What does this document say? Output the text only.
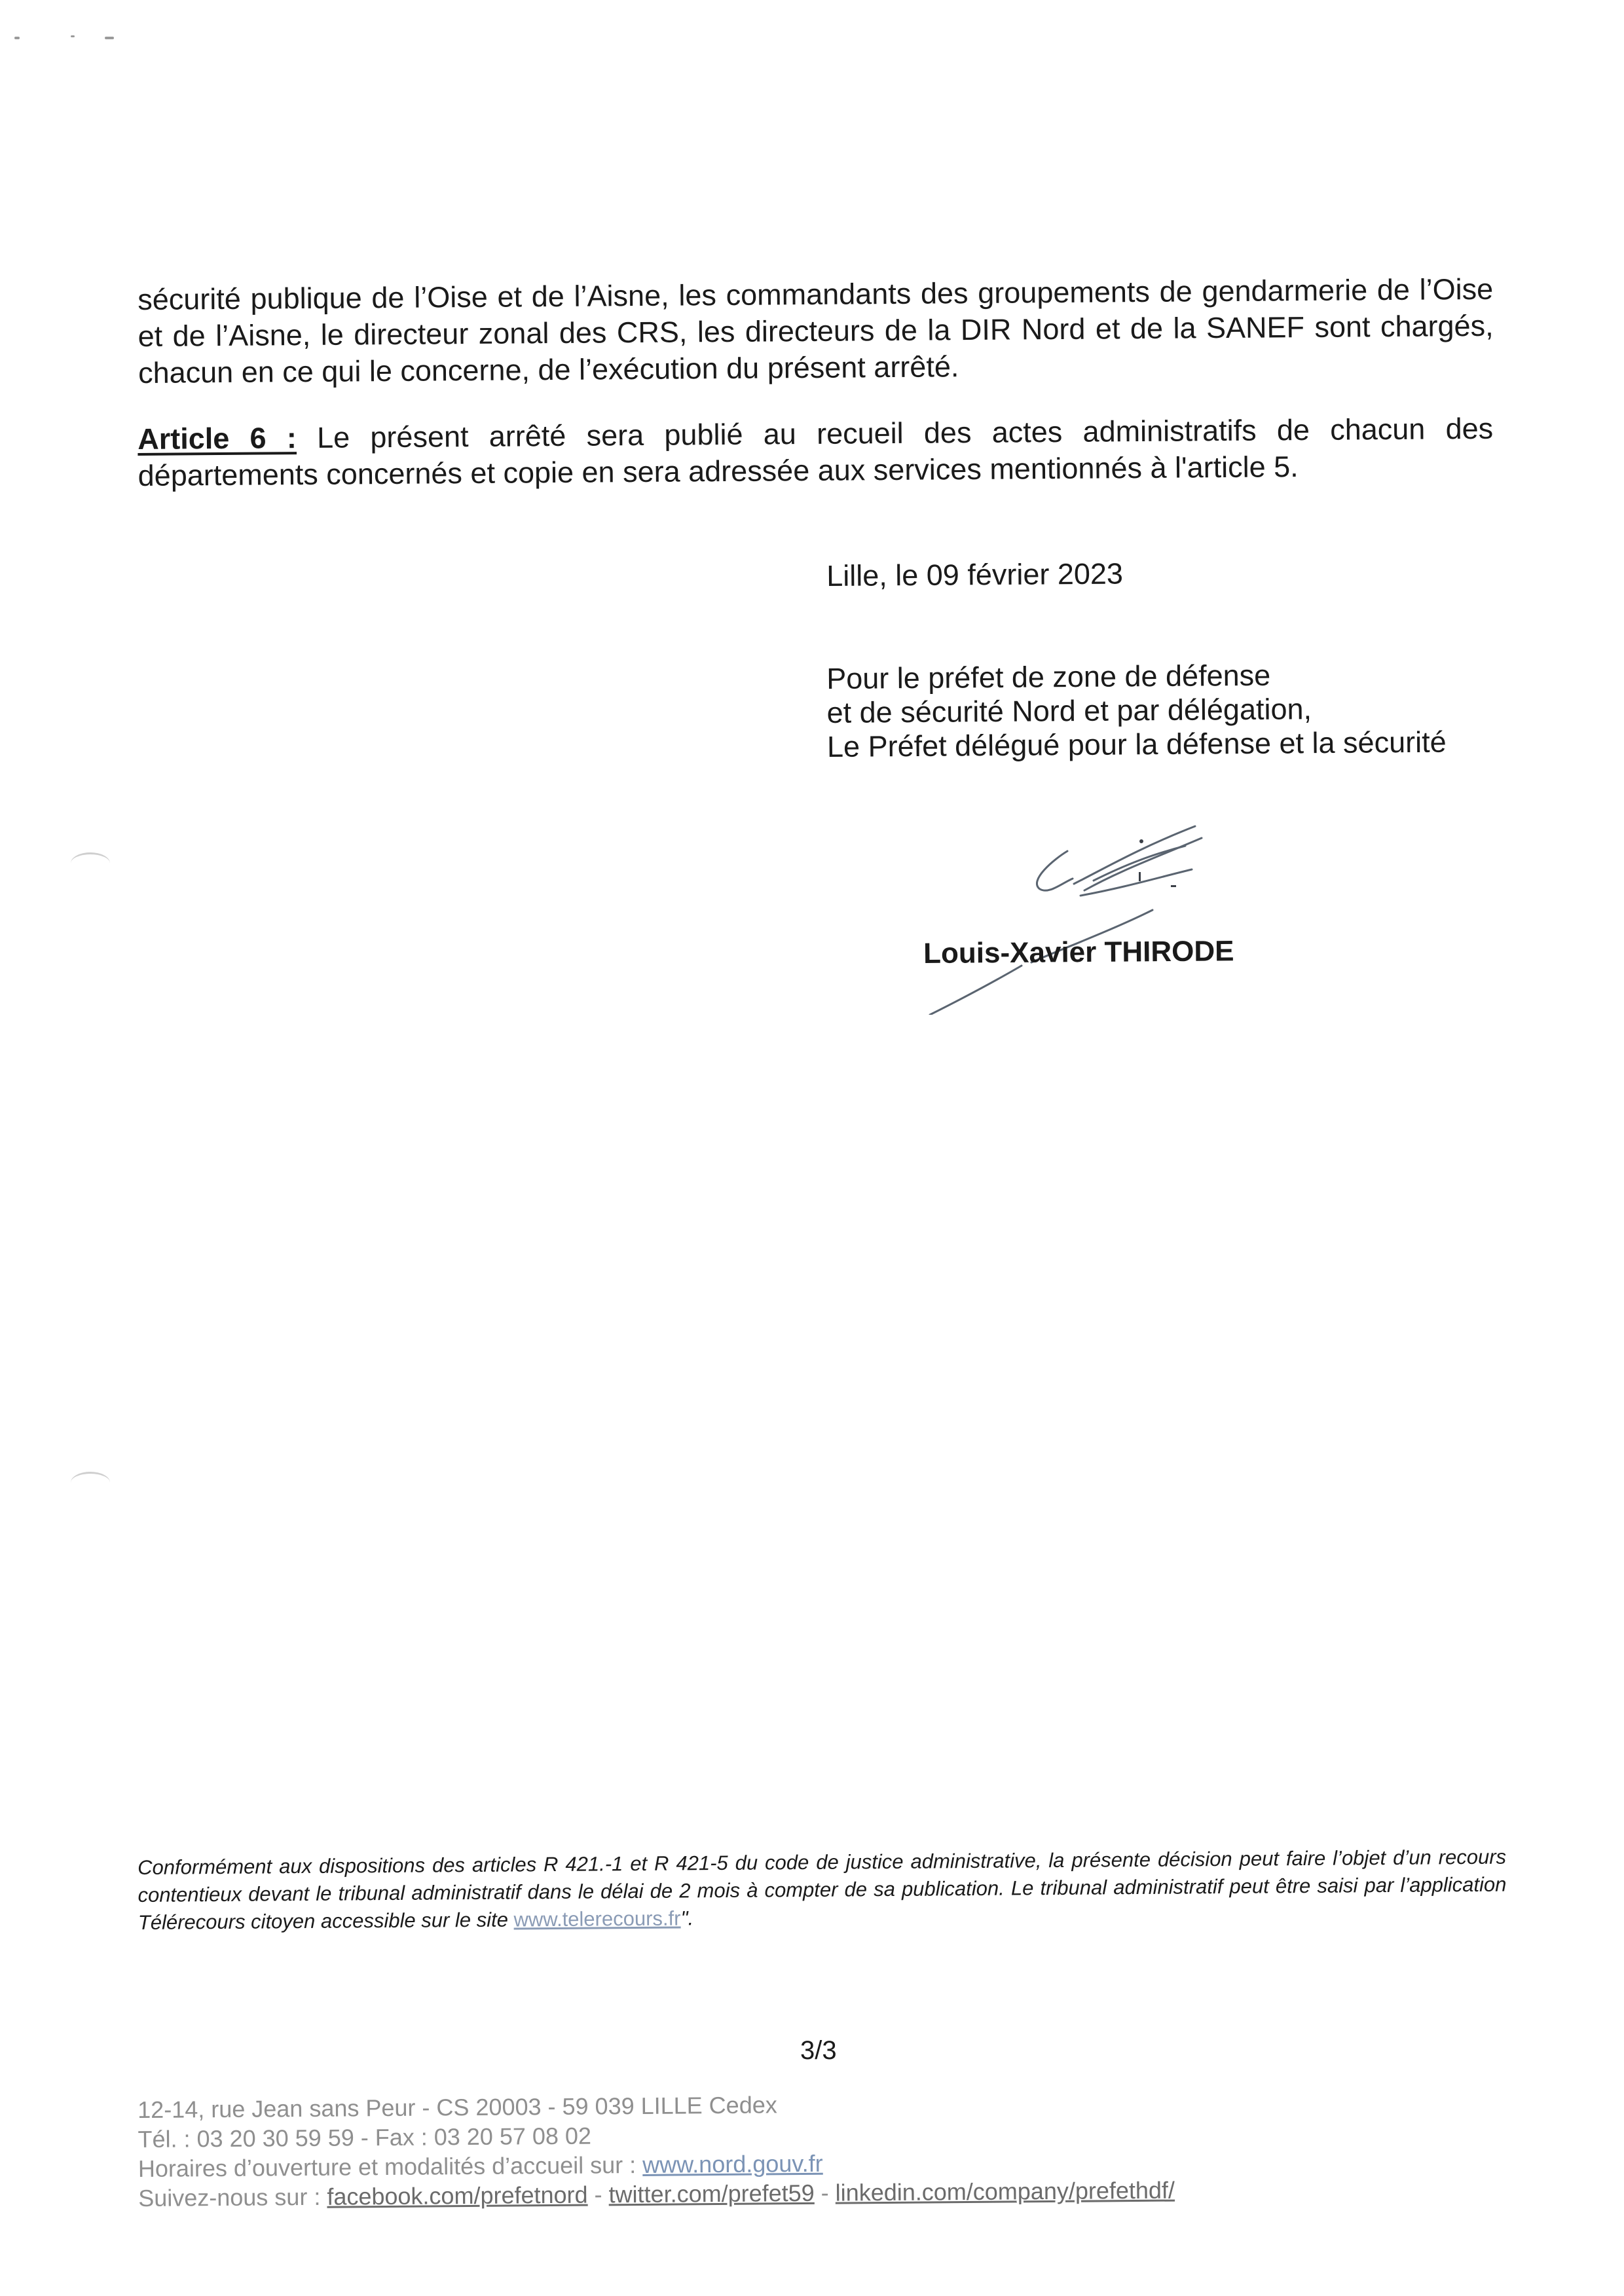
sécurité publique de l’Oise et de l’Aisne, les commandants des groupements de gendarmerie de l’Oise et de l’Aisne, le directeur zonal des CRS, les directeurs de la DIR Nord et de la SANEF sont chargés, chacun en ce qui le concerne, de l’exécution du présent arrêté.
Article 6 : Le présent arrêté sera publié au recueil des actes administratifs de chacun des départements concernés et copie en sera adressée aux services mentionnés à l'article 5.
Lille, le 09 février 2023
Pour le préfet de zone de défense
et de sécurité Nord et par délégation,
Le Préfet délégué pour la défense et la sécurité
Louis-Xavier THIRODE
Conformément aux dispositions des articles R 421.-1 et R 421-5 du code de justice administrative, la présente décision peut faire l’objet d’un recours contentieux devant le tribunal administratif dans le délai de 2 mois à compter de sa publication. Le tribunal administratif peut être saisi par l’application Télérecours citoyen accessible sur le site www.telerecours.fr".
3/3
12-14, rue Jean sans Peur - CS 20003 - 59 039 LILLE Cedex
Tél. : 03 20 30 59 59 - Fax : 03 20 57 08 02
Horaires d’ouverture et modalités d’accueil sur : www.nord.gouv.fr
Suivez-nous sur : facebook.com/prefetnord - twitter.com/prefet59 - linkedin.com/company/prefethdf/
